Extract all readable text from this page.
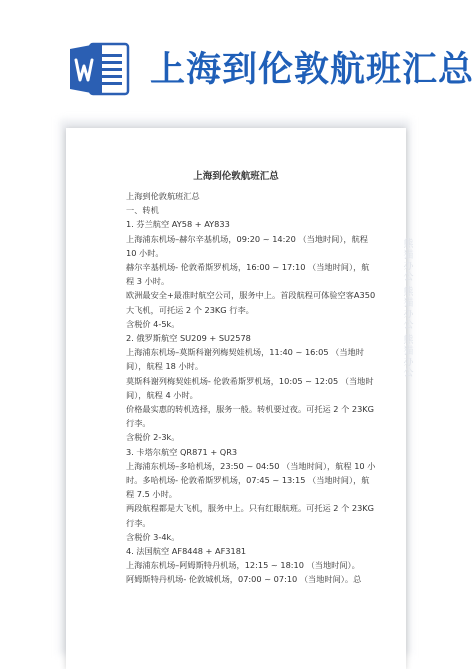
上海到伦敦航班汇总
熊猫办公 熊猫办公 熊猫办公
上海到伦敦航班汇总

上海到伦敦航班汇总

一、转机

1. 芬兰航空 AY58 + AY833

上海浦东机场–赫尔辛基机场，09:20 ~ 14:20 （当地时间），航程 10 小时。

赫尔辛基机场- 伦敦希斯罗机场，16:00 ~ 17:10 （当地时间），航程 3 小时。

欧洲最安全+最准时航空公司，服务中上。首段航程可体验空客A350大飞机，可托运 2 个 23KG 行李。

含税价 4-5k。

2. 俄罗斯航空 SU209 + SU2578

上海浦东机场–莫斯科谢列梅契娃机场，11:40 ~ 16:05 （当地时间），航程 18 小时。

莫斯科谢列梅契娃机场- 伦敦希斯罗机场，10:05 ~ 12:05 （当地时间），航程 4 小时。

价格最实惠的转机选择，服务一般。转机要过夜。可托运 2 个 23KG 行李。

含税价 2-3k。

3. 卡塔尔航空 QR871 + QR3

上海浦东机场–多哈机场，23:50 ~ 04:50 （当地时间），航程 10 小时。多哈机场- 伦敦希斯罗机场，07:45 ~ 13:15 （当地时间），航程 7.5 小时。

两段航程都是大飞机，服务中上。只有红眼航班。可托运 2 个 23KG 行李。

含税价 3-4k。

4. 法国航空 AF8448 + AF3181

上海浦东机场–阿姆斯特丹机场，12:15 ~ 18:10 （当地时间）。

阿姆斯特丹机场- 伦敦城机场，07:00 ~ 07:10 （当地时间）。总
